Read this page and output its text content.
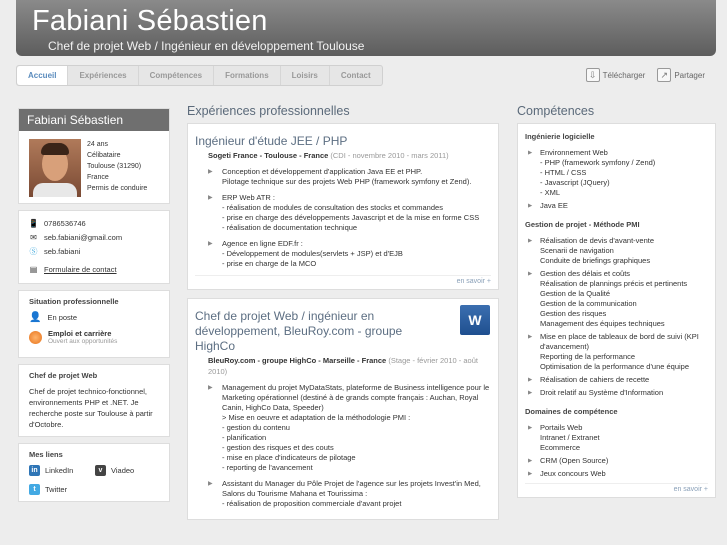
Fabiani Sébastien
Chef de projet Web / Ingénieur en développement Toulouse
Accueil	Expériences	Compétences	Formations	Loisirs	Contact	⇩ Télécharger	↗ Partager
Fabiani Sébastien
24 ans
Célibataire
Toulouse (31290)
France
Permis de conduire
📱 0786536746
✉ seb.fabiani@gmail.com
Ⓢ seb.fabiani
▤ Formulaire de contact
Situation professionnelle
👤 En poste
Emploi et carrière
Ouvert aux opportunités
Chef de projet Web

Chef de projet technico-fonctionnel, environnements PHP et .NET. Je recherche poste sur Toulouse à partir d'Octobre.

Mes liens
in LinkedIn	v	Viadeo
t	Twitter
Expériences professionnelles
Ingénieur d'étude JEE / PHP
Sogeti France - Toulouse - France (CDI - novembre 2010 - mars 2011)
▶ Conception et développement d'application Java EE et PHP.
Pilotage technique sur des projets Web PHP (framework symfony et Zend).
▶ ERP Web ATR :
- réalisation de modules de consultation des stocks et commandes
- prise en charge des développements Javascript et de la mise en forme CSS
- réalisation de documentation technique
▶ Agence en ligne EDF.fr :
- Développement de modules(servlets + JSP) et d'EJB
- prise en charge de la MCO
en savoir +
W
Chef de projet Web / ingénieur en développement, BleuRoy.com - groupe HighCo
BleuRoy.com - groupe HighCo - Marseille - France (Stage - février 2010 - août 2010)
▶ Management du projet MyDataStats, plateforme de Business intelligence pour le Marketing opérationnel (destiné à de grands compte français : Auchan, Royal Canin, HighCo Data, Speeder)
> Mise en oeuvre et adaptation de la méthodologie PMI :
- gestion du contenu
- planification
- gestion des risques et des couts
- mise en place d'indicateurs de pilotage
- reporting de l'avancement
▶ Assistant du Manager du Pôle Projet de l'agence sur les projets Invest'in Med, Salons du Tourisme Mahana et Tourissima :
- réalisation de proposition commerciale d'avant projet
Compétences
Ingénierie logicielle
▶ Environnement Web
- PHP (framework symfony / Zend)
- HTML / CSS
- Javascript (JQuery)
- XML
▶ Java EE
Gestion de projet - Méthode PMI
▶ Réalisation de devis d'avant-vente
Scenarii de navigation
Conduite de briefings graphiques
▶ Gestion des délais et coûts
Réalisation de plannings précis et pertinents
Gestion de la Qualité
Gestion de la communication
Gestion des risques
Management des équipes techniques
▶ Mise en place de tableaux de bord de suivi (KPI d'avancement)
Reporting de la performance
Optimisation de la performance d'une équipe
▶ Réalisation de cahiers de recette
▶ Droit relatif au Système d'Information
Domaines de compétence
▶ Portails Web
Intranet / Extranet
Ecommerce
▶ CRM (Open Source)
▶ Jeux concours Web
en savoir +
